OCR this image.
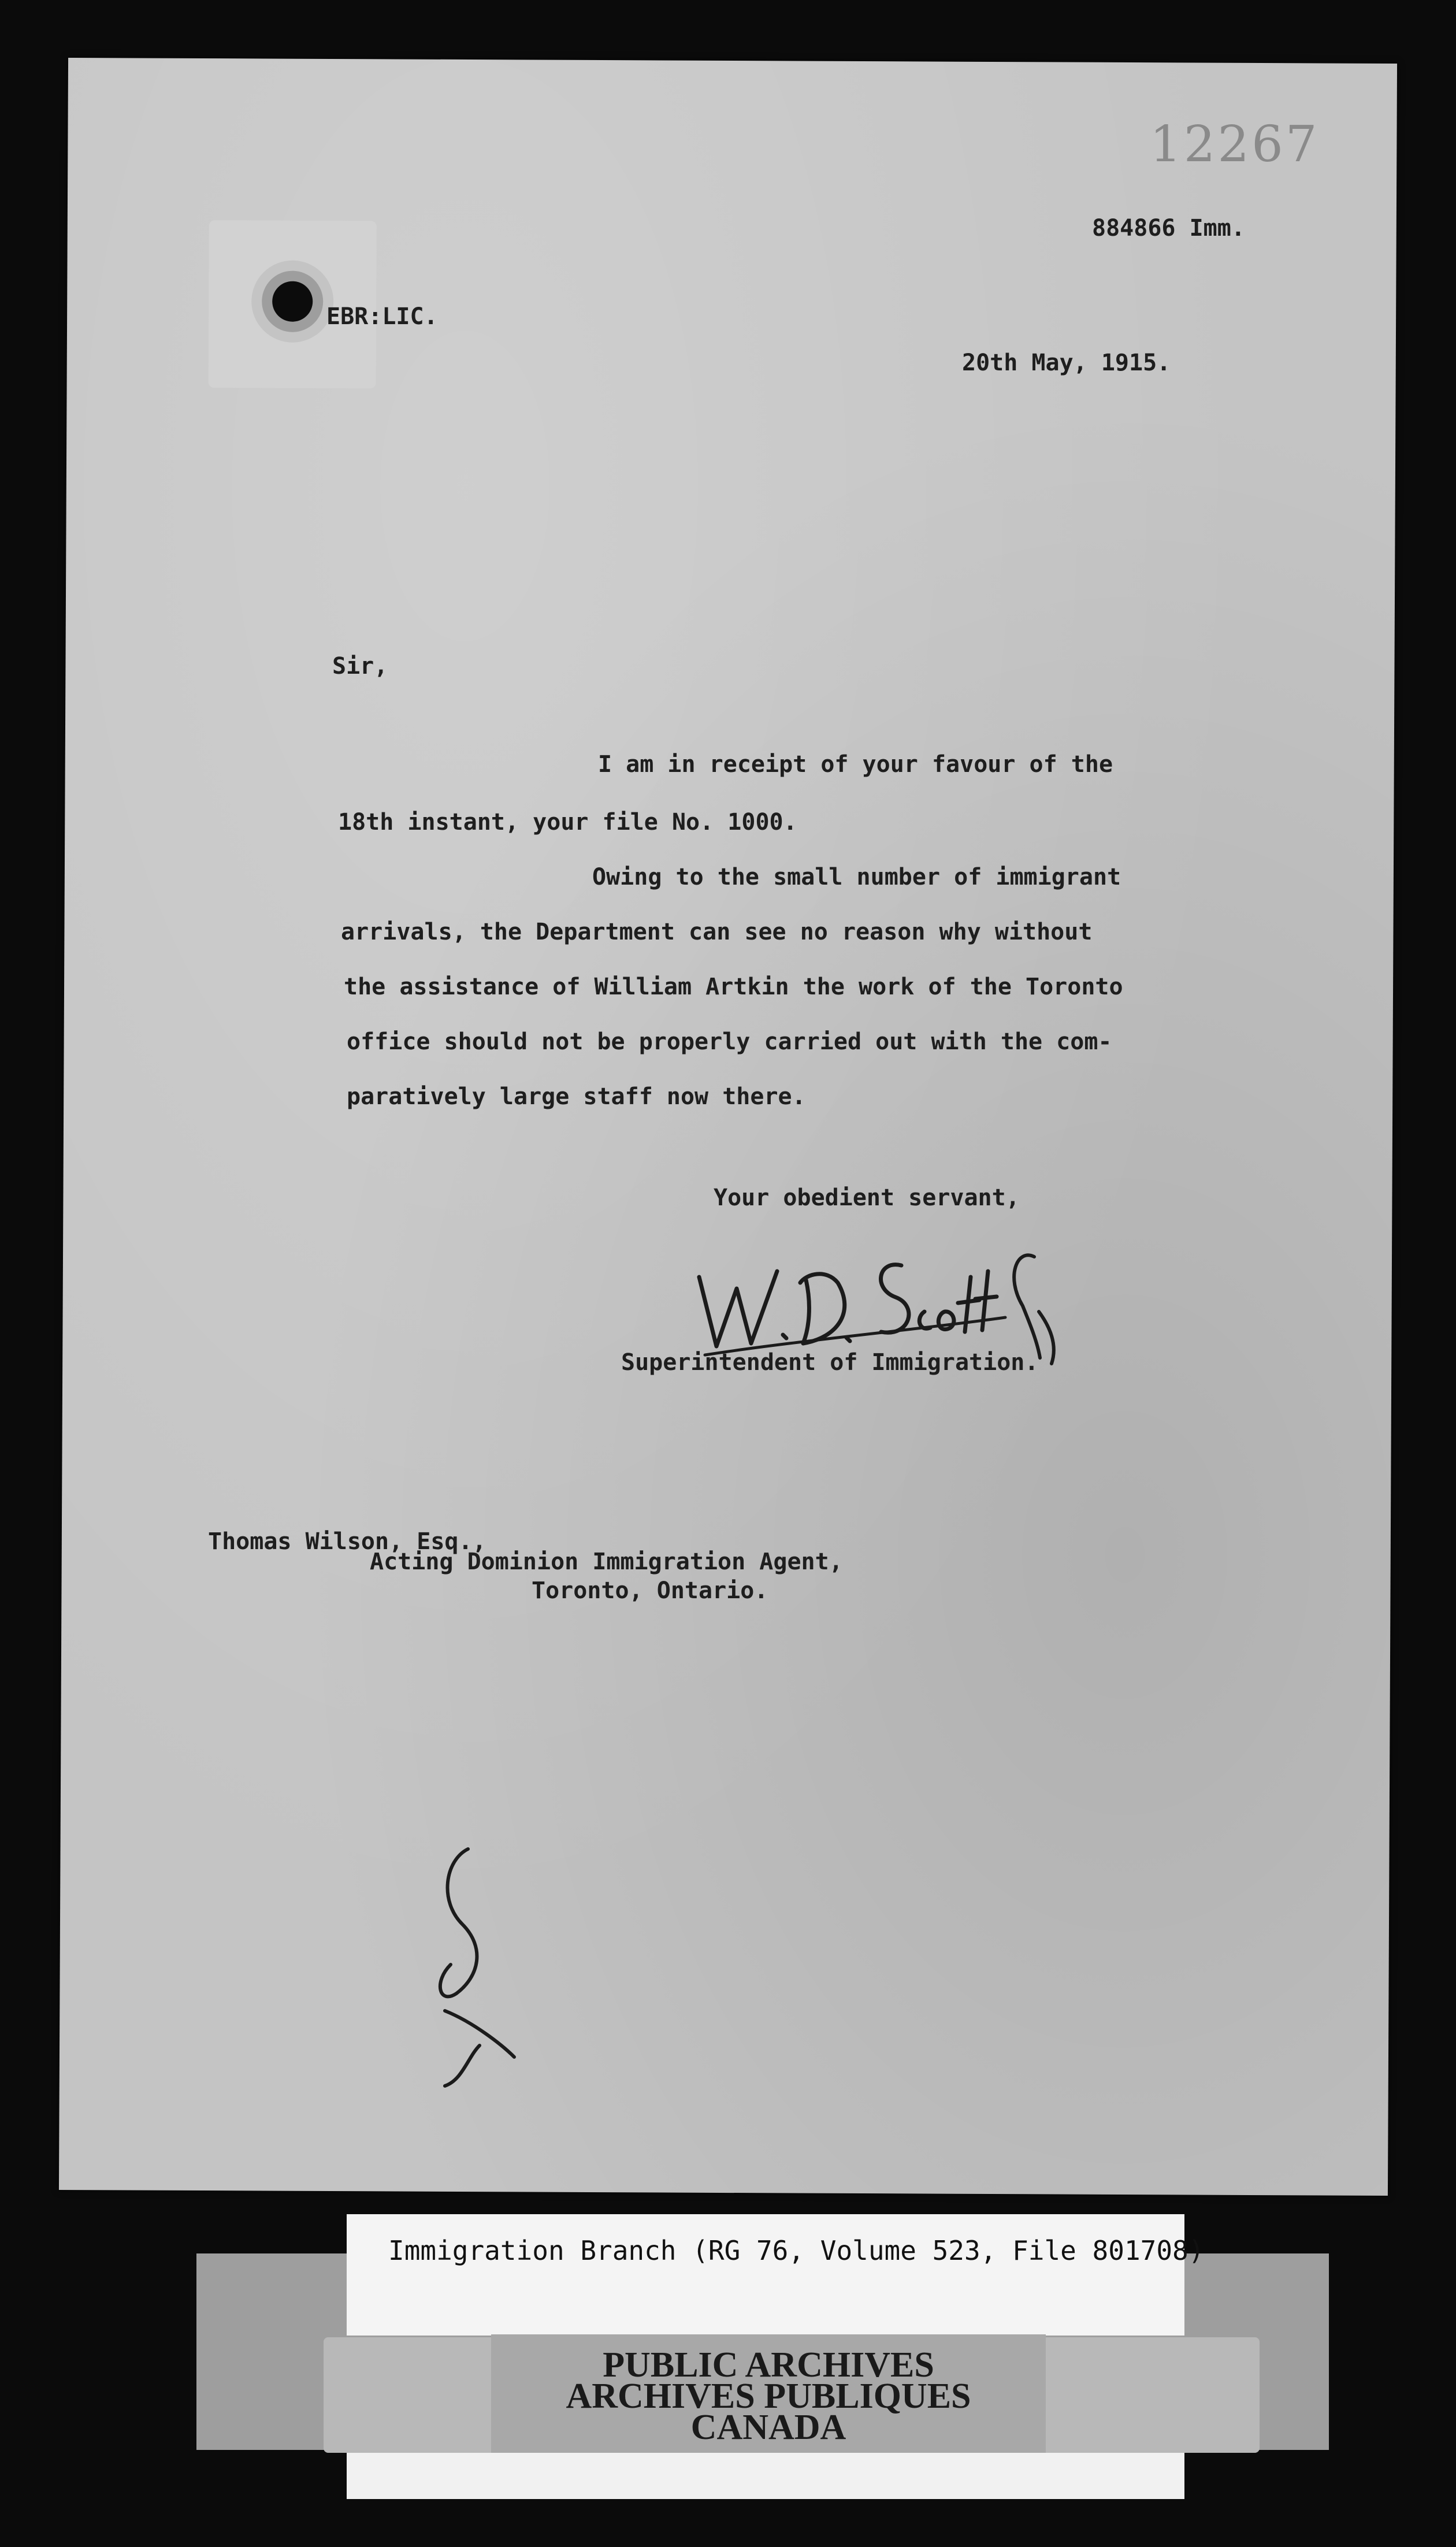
12267
884866 Imm.
EBR:LIC.
20th May, 1915.
Sir,
I am in receipt of your favour of the
18th instant, your file No. 1000.
Owing to the small number of immigrant
arrivals, the Department can see no reason why without
the assistance of William Artkin the work of the Toronto
office should not be properly carried out with the com-
paratively large staff now there.
Your obedient servant,
Superintendent of Immigration.
Thomas Wilson, Esq.,
Acting Dominion Immigration Agent,
Toronto, Ontario.
Immigration Branch (RG 76, Volume 523, File 801708)
PUBLIC ARCHIVES
ARCHIVES PUBLIQUES
CANADA
